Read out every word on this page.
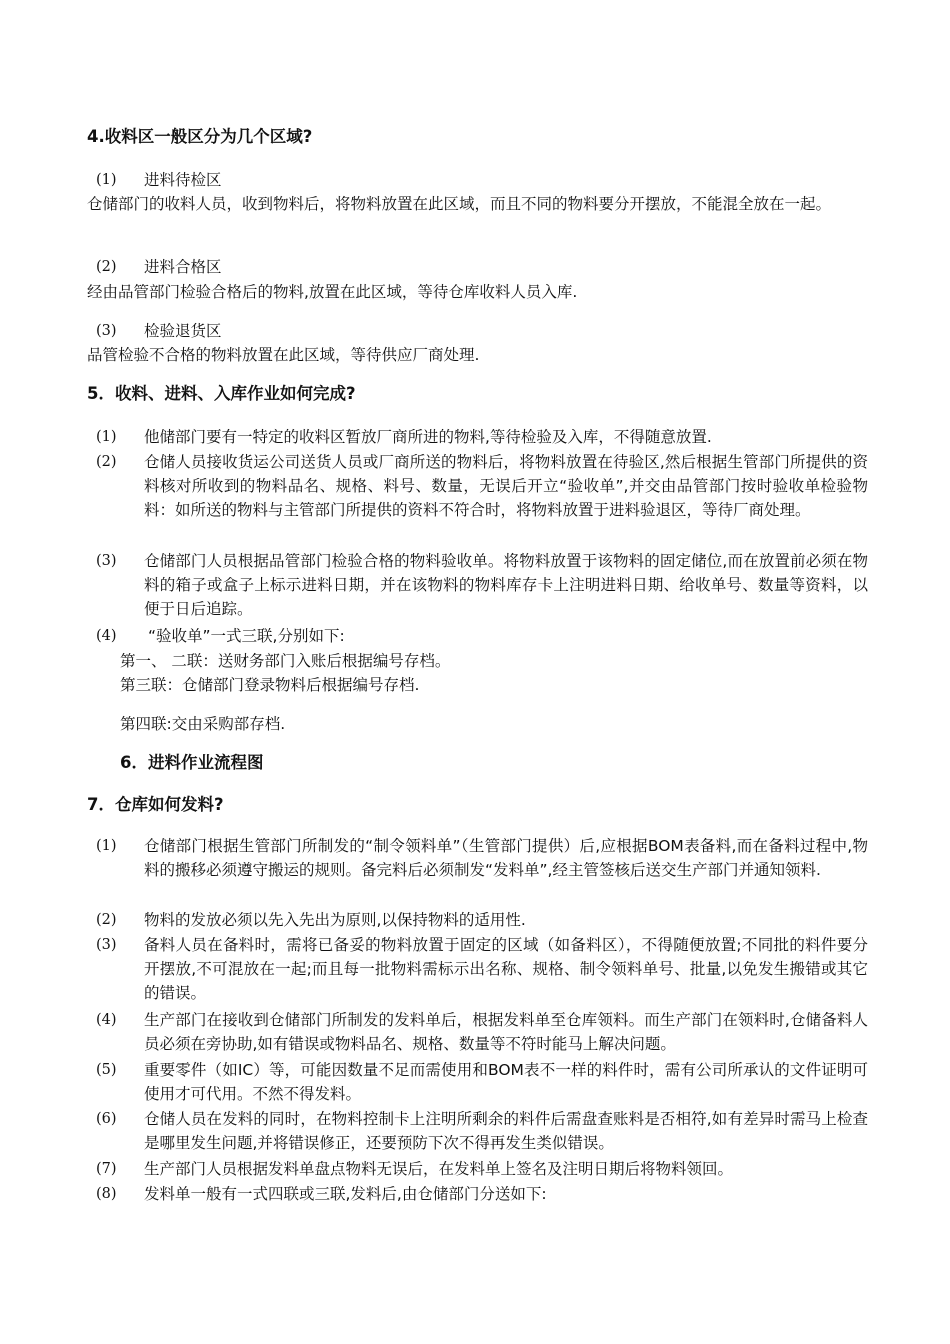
4.收料区一般区分为几个区域?
(1) 进料待检区
仓储部门的收料人员，收到物料后，将物料放置在此区域，而且不同的物料要分开摆放，不能混全放在一起。
(2) 进料合格区
经由品管部门检验合格后的物料,放置在此区域，等待仓库收料人员入库.
(3) 检验退货区
品管检验不合格的物料放置在此区域，等待供应厂商处理.
5．收料、进料、入库作业如何完成?
(1) 他储部门要有一特定的收料区暂放厂商所进的物料,等待检验及入库，不得随意放置.
(2) 仓储人员接收货运公司送货人员或厂商所送的物料后，将物料放置在待验区,然后根据生管部门所提供的资料核对所收到的物料品名、规格、料号、数量，无误后开立“验收单”,并交由品管部门按时验收单检验物料：如所送的物料与主管部门所提供的资料不符合时，将物料放置于进料验退区，等待厂商处理。
(3) 仓储部门人员根据品管部门检验合格的物料验收单。将物料放置于该物料的固定储位,而在放置前必须在物料的箱子或盒子上标示进料日期，并在该物料的物料库存卡上注明进料日期、给收单号、数量等资料，以便于日后追踪。
(4) “验收单”一式三联,分别如下:
第一、 二联：送财务部门入账后根据编号存档。
第三联：仓储部门登录物料后根据编号存档.
第四联:交由采购部存档.
6．进料作业流程图
7．仓库如何发料?
(1) 仓储部门根据生管部门所制发的“制令领料单”（生管部门提供）后,应根据BOM表备料,而在备料过程中,物料的搬移必须遵守搬运的规则。备完料后必须制发“发料单”,经主管签核后送交生产部门并通知领料.
(2) 物料的发放必须以先入先出为原则,以保持物料的适用性.
(3) 备料人员在备料时，需将已备妥的物料放置于固定的区域（如备料区），不得随便放置;不同批的料件要分开摆放,不可混放在一起;而且每一批物料需标示出名称、规格、制令领料单号、批量,以免发生搬错或其它的错误。
(4) 生产部门在接收到仓储部门所制发的发料单后，根据发料单至仓库领料。而生产部门在领料时,仓储备料人员必须在旁协助,如有错误或物料品名、规格、数量等不符时能马上解决问题。
(5) 重要零件（如IC）等，可能因数量不足而需使用和BOM表不一样的料件时，需有公司所承认的文件证明可使用才可代用。不然不得发料。
(6) 仓储人员在发料的同时，在物料控制卡上注明所剩余的料件后需盘查账料是否相符,如有差异时需马上检查是哪里发生问题,并将错误修正，还要预防下次不得再发生类似错误。
(7) 生产部门人员根据发料单盘点物料无误后，在发料单上签名及注明日期后将物料领回。
(8) 发料单一般有一式四联或三联,发料后,由仓储部门分送如下:
